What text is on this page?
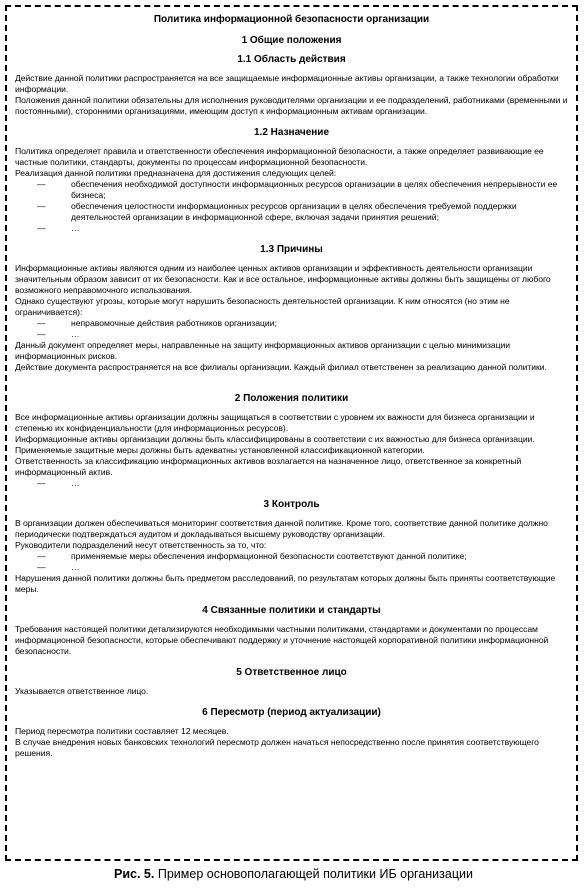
Политика информационной безопасности организации
1 Общие положения
1.1 Область действия

Действие данной политики распространяется на все защищаемые информационные активы организации, а также технологии обработки информации.

Положения данной политики обязательны для исполнения руководителями организации и ее подразделений, работниками (временными и постоянными), сторонними организациями, имеющим доступ к информационным активам организации.

1.2 Назначение

Политика определяет правила и ответственности обеспечения информационной безопасности, а также определяет развивающие ее частные политики, стандарты, документы по процессам информационной безопасности.

Реализация данной политики предназначена для достижения следующих целей:

—	обеспечения необходимой доступности информационных ресурсов организации в целях обеспечения непрерывности ее бизнеса;
—	обеспечения целостности информационных ресурсов организации в целях обеспечения требуемой поддержки деятельностей организации в информационной сфере, включая задачи принятия решений;
—	…
1.3 Причины

Информационные активы являются одним из наиболее ценных активов организации и эффективность деятельности организации значительным образом зависит от их безопасности. Как и все остальное, информационные активы должны быть защищены от любого возможного неправомочного использования.

Однако существуют угрозы, которые могут нарушить безопасность деятельностей организации. К ним относятся (но этим не ограничивается):

—	неправомочные действия работников организации;
—	…

Данный документ определяет меры, направленные на защиту информационных активов организации с целью минимизации информационных рисков.

Действие документа распространяется на все филиалы организации. Каждый филиал ответственен за реализацию данной политики.

2 Положения политики

Все информационные активы организации должны защищаться в соответствии с уровнем их важности для бизнеса организации и степенью их конфиденциальности (для информационных ресурсов).

Информационные активы организации должны быть классифицированы в соответствии с их важностью для бизнеса организации.

Применяемые защитные меры должны быть адекватны установленной классификационной категории.

Ответственность за классификацию информационных активов возлагается на назначенное лицо, ответственное за конкретный информационный актив.

—	…
3 Контроль

В организации должен обеспечиваться мониторинг соответствия данной политике. Кроме того, соответствие данной политике должно периодически подтверждаться аудитом и докладываться высшему руководству организации.

Руководители подразделений несут ответственность за то, что:

—	применяемые меры обеспечения информационной безопасности соответствуют данной политике;
—	…

Нарушения данной политики должны быть предметом расследований, по результатам которых должны быть приняты соответствующие меры.

4 Связанные политики и стандарты

Требования настоящей политики детализируются необходимыми частными политиками, стандартами и документами по процессам информационной безопасности, которые обеспечивают поддержку и уточнение настоящей корпоративной политики информационной безопасности.

5 Ответственное лицо

Указывается ответственное лицо.

6 Пересмотр (период актуализации)

Период пересмотра политики составляет 12 месяцев.

В случае внедрения новых банковских технологий пересмотр должен начаться непосредственно после принятия соответствующего решения.

Рис. 5. Пример основополагающей политики ИБ организации
